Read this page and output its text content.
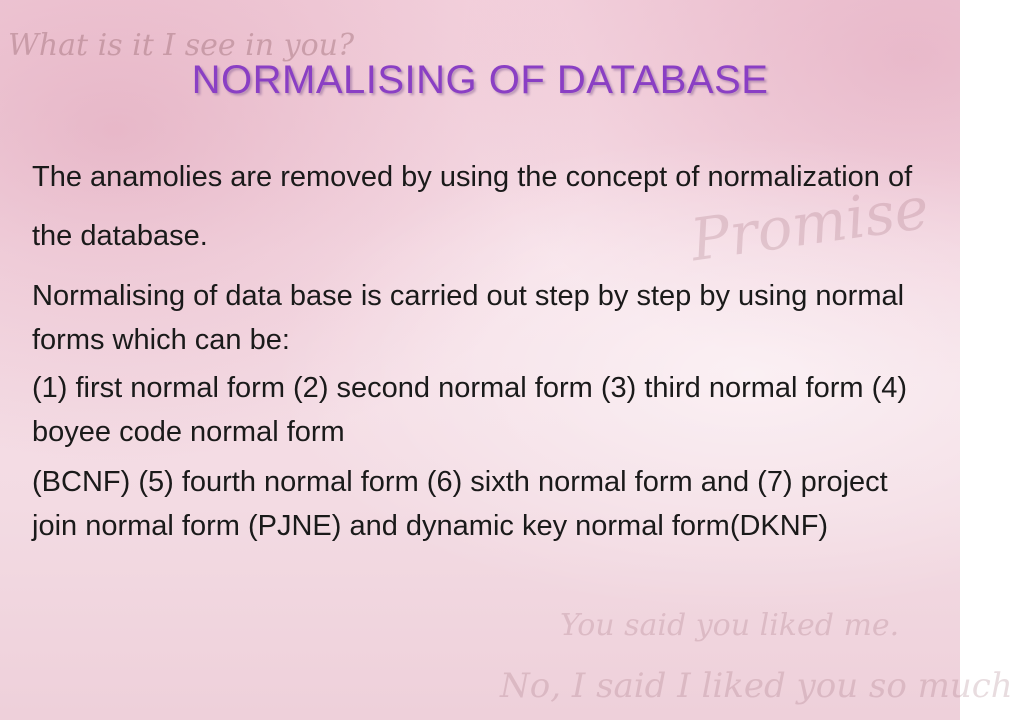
What is it I see in you?
Promise
You said you liked me.
No, I said I liked you so much
NORMALISING OF DATABASE

The anamolies are removed by using the concept of normalization of the database.

Normalising of data base is carried out step by step by using normal forms which can be:

(1) first normal form (2) second normal form (3) third normal form (4) boyee code normal form

(BCNF) (5) fourth normal form (6) sixth normal form and (7) project join normal form (PJNE) and dynamic key normal form(DKNF)
